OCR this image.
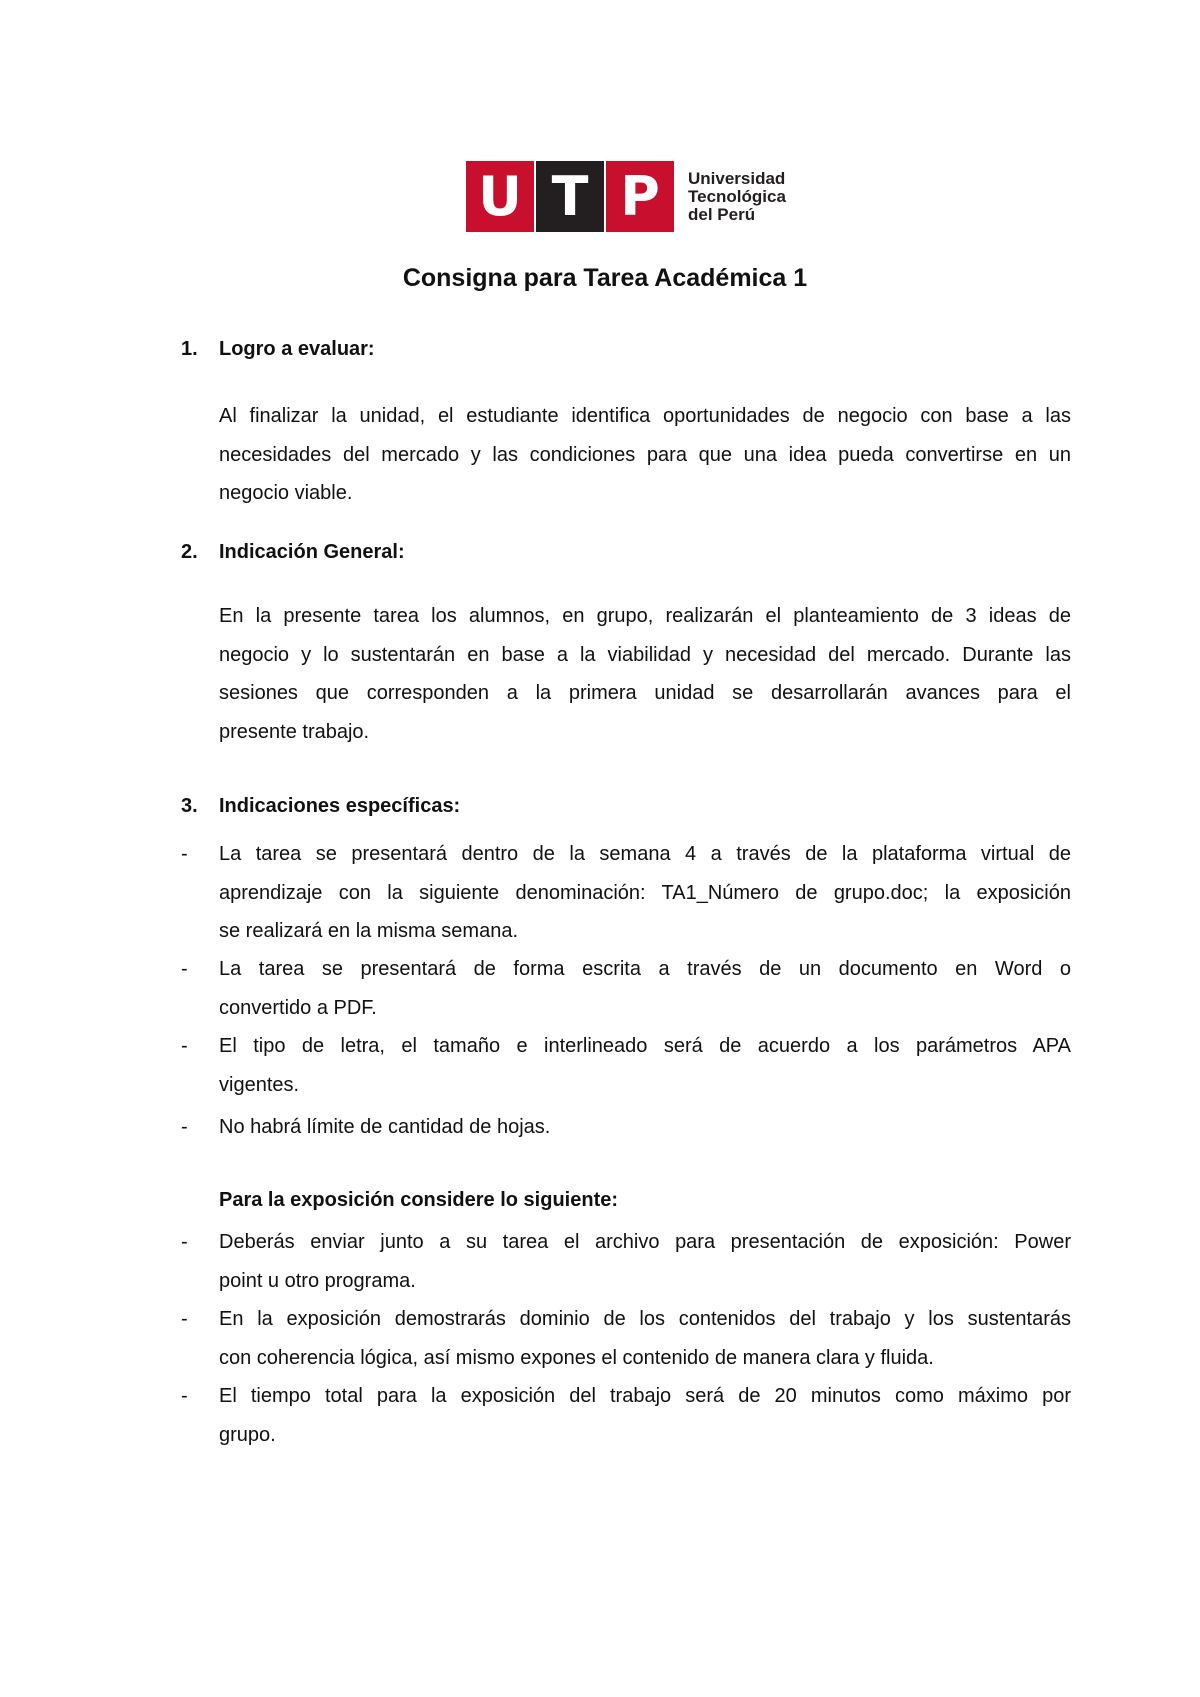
U T P	Universidad
Tecnológica
del Perú
Consigna para Tarea Académica 1
1. Logro a evaluar:
Al finalizar la unidad, el estudiante identifica oportunidades de negocio con base a las
necesidades del mercado y las condiciones para que una idea pueda convertirse en un
negocio viable.
2. Indicación General:
En la presente tarea los alumnos, en grupo, realizarán el planteamiento de 3 ideas de
negocio y lo sustentarán en base a la viabilidad y necesidad del mercado. Durante las
sesiones que corresponden a la primera unidad se desarrollarán avances para el
presente trabajo.
3. Indicaciones específicas:
- La tarea se presentará dentro de la semana 4 a través de la plataforma virtual de
aprendizaje con la siguiente denominación: TA1_Número de grupo.doc; la exposición
se realizará en la misma semana.
- La tarea se presentará de forma escrita a través de un documento en Word o
convertido a PDF.
- El tipo de letra, el tamaño e interlineado será de acuerdo a los parámetros APA
vigentes.
- No habrá límite de cantidad de hojas.
Para la exposición considere lo siguiente:
- Deberás enviar junto a su tarea el archivo para presentación de exposición: Power
point u otro programa.
- En la exposición demostrarás dominio de los contenidos del trabajo y los sustentarás
con coherencia lógica, así mismo expones el contenido de manera clara y fluida.
- El tiempo total para la exposición del trabajo será de 20 minutos como máximo por
grupo.
